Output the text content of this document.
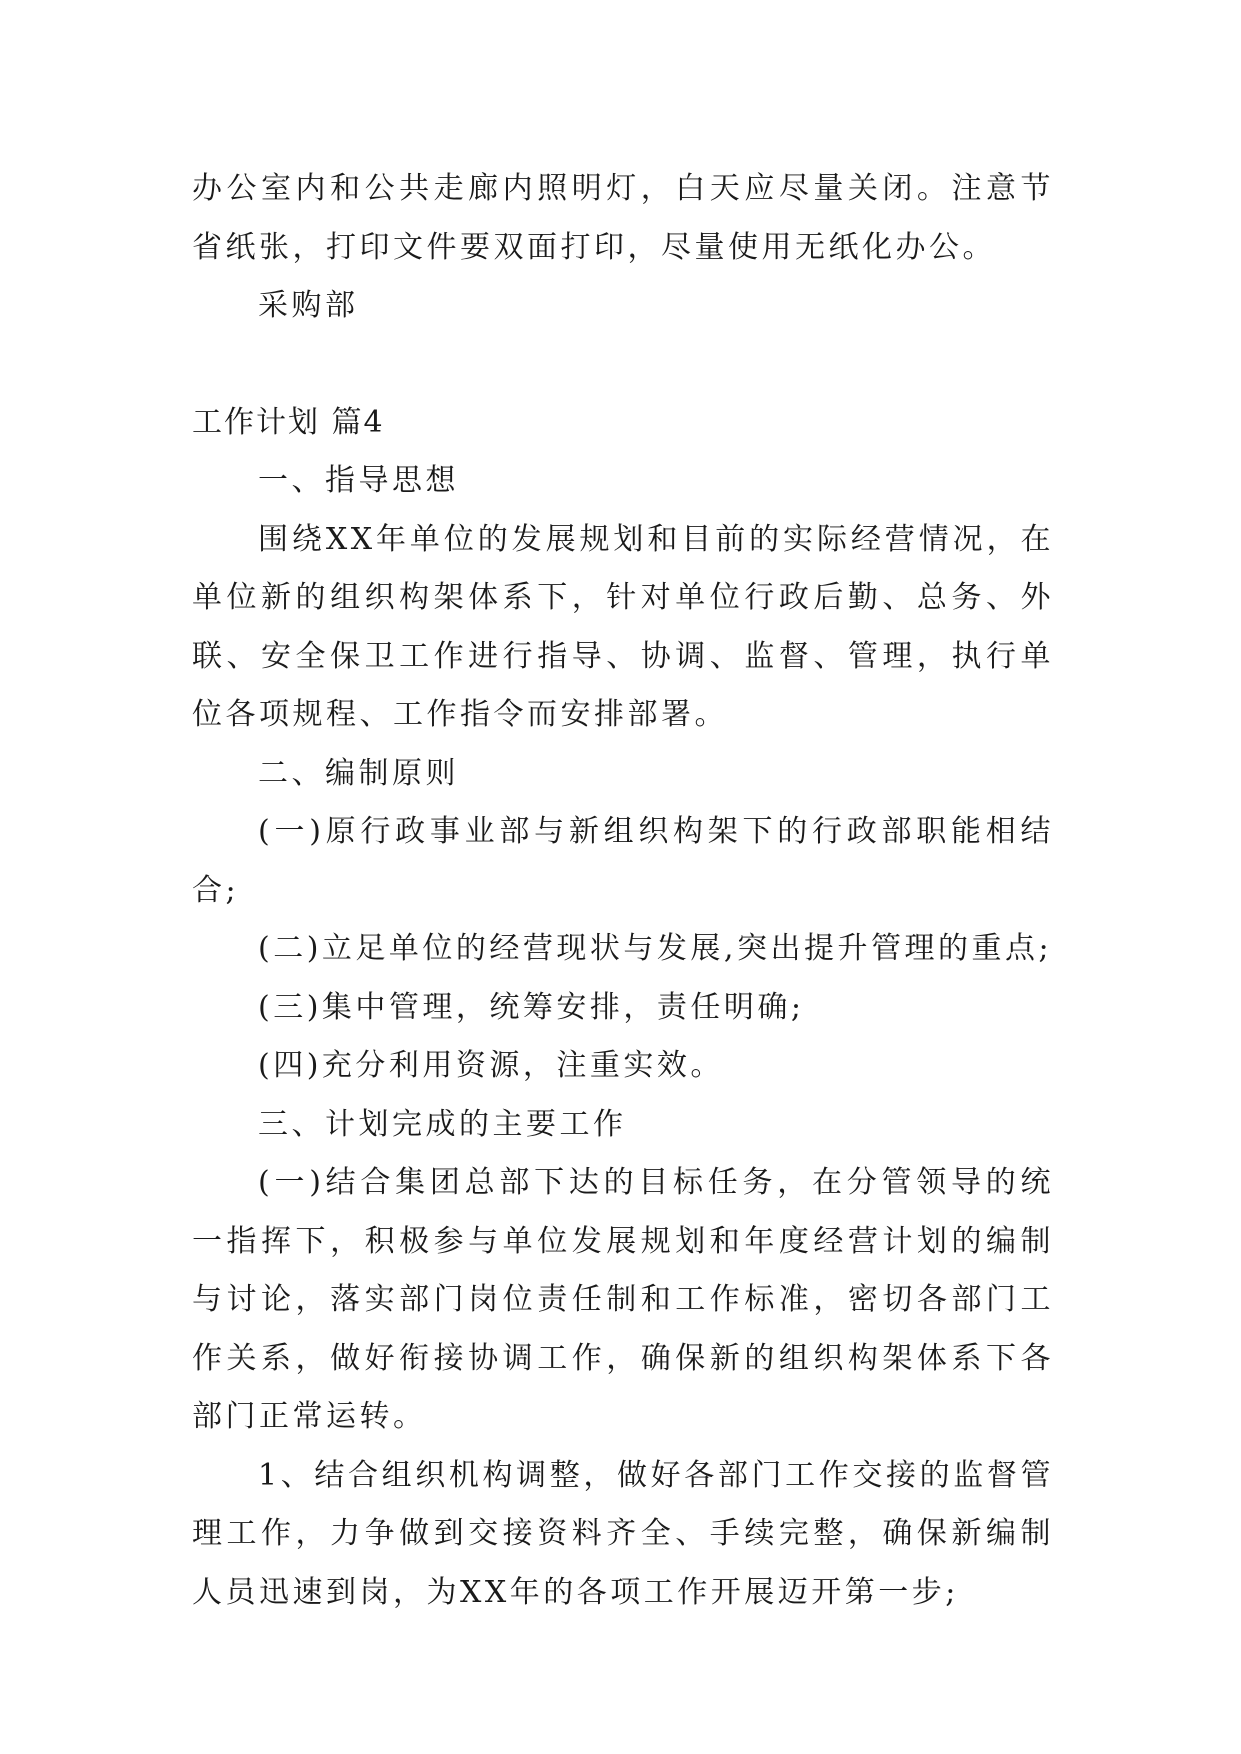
办公室内和公共走廊内照明灯，白天应尽量关闭。注意节省纸张，打印文件要双面打印，尽量使用无纸化办公。

采购部

工作计划 篇4

一、指导思想

围绕XX年单位的发展规划和目前的实际经营情况，在单位新的组织构架体系下，针对单位行政后勤、总务、外联、安全保卫工作进行指导、协调、监督、管理，执行单位各项规程、工作指令而安排部署。

二、编制原则

(一)原行政事业部与新组织构架下的行政部职能相结合;

(二)立足单位的经营现状与发展,突出提升管理的重点;

(三)集中管理，统筹安排，责任明确;

(四)充分利用资源，注重实效。

三、计划完成的主要工作

(一)结合集团总部下达的目标任务，在分管领导的统一指挥下，积极参与单位发展规划和年度经营计划的编制与讨论，落实部门岗位责任制和工作标准，密切各部门工作关系，做好衔接协调工作，确保新的组织构架体系下各部门正常运转。

1、结合组织机构调整，做好各部门工作交接的监督管理工作，力争做到交接资料齐全、手续完整，确保新编制人员迅速到岗，为XX年的各项工作开展迈开第一步;
